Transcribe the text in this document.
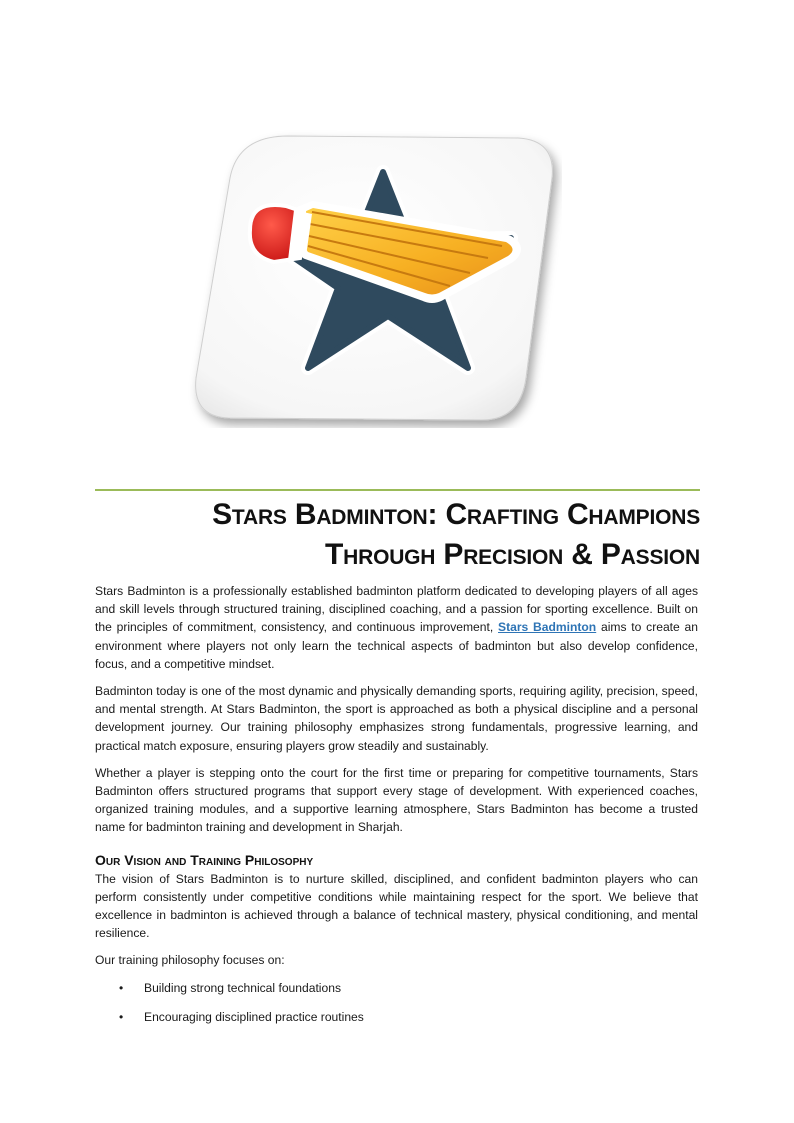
Stars Badminton: Crafting Champions
Through Precision & Passion

Stars Badminton is a professionally established badminton platform dedicated to developing players of all ages and skill levels through structured training, disciplined coaching, and a passion for sporting excellence. Built on the principles of commitment, consistency, and continuous improvement, Stars Badminton aims to create an environment where players not only learn the technical aspects of badminton but also develop confidence, focus, and a competitive mindset.

Badminton today is one of the most dynamic and physically demanding sports, requiring agility, precision, speed, and mental strength. At Stars Badminton, the sport is approached as both a physical discipline and a personal development journey. Our training philosophy emphasizes strong fundamentals, progressive learning, and practical match exposure, ensuring players grow steadily and sustainably.

Whether a player is stepping onto the court for the first time or preparing for competitive tournaments, Stars Badminton offers structured programs that support every stage of development. With experienced coaches, organized training modules, and a supportive learning atmosphere, Stars Badminton has become a trusted name for badminton training and development in Sharjah.

Our Vision and Training Philosophy

The vision of Stars Badminton is to nurture skilled, disciplined, and confident badminton players who can perform consistently under competitive conditions while maintaining respect for the sport. We believe that excellence in badminton is achieved through a balance of technical mastery, physical conditioning, and mental resilience.

Our training philosophy focuses on:

• Building strong technical foundations
• Encouraging disciplined practice routines
